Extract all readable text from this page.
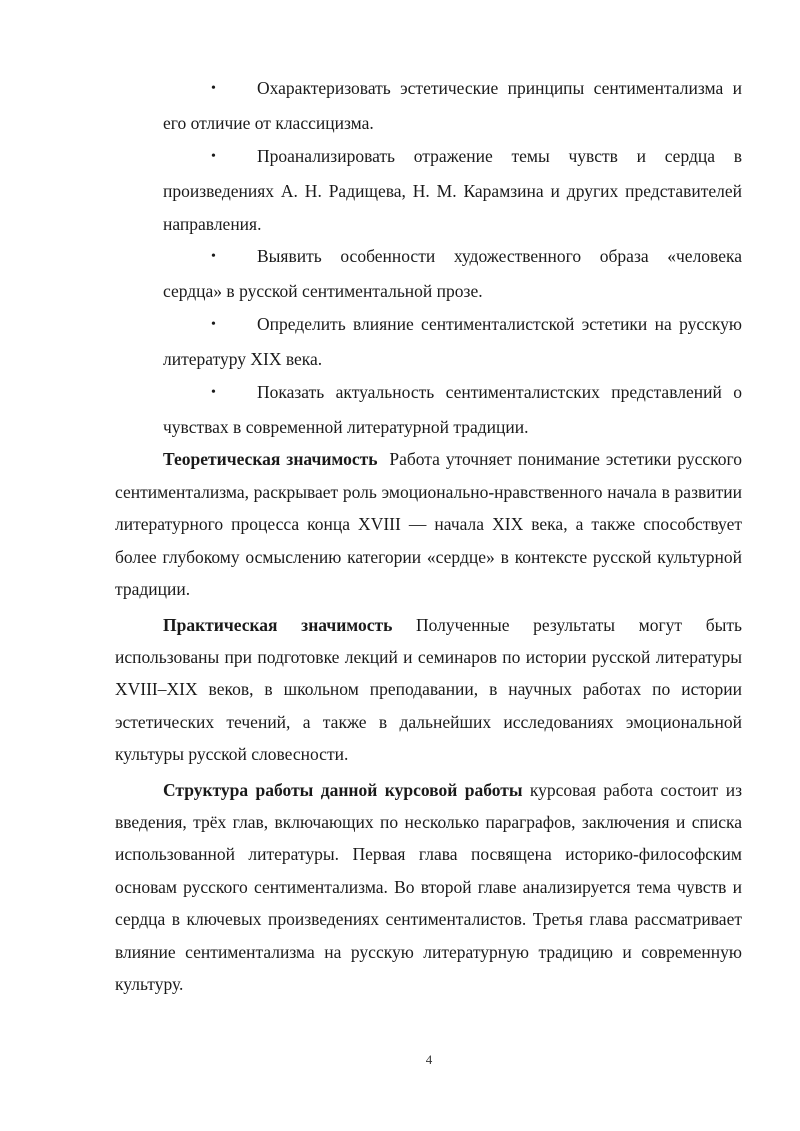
• Охарактеризовать эстетические принципы сентиментализма и его отличие от классицизма.

• Проанализировать отражение темы чувств и сердца в произведениях А. Н. Радищева, Н. М. Карамзина и других представителей направления.

• Выявить особенности художественного образа «человека сердца» в русской сентиментальной прозе.

• Определить влияние сентименталистской эстетики на русскую литературу XIX века.

• Показать актуальность сентименталистских представлений о чувствах в современной литературной традиции.

Теоретическая значимость Работа уточняет понимание эстетики русского сентиментализма, раскрывает роль эмоционально-нравственного начала в развитии литературного процесса конца XVIII — начала XIX века, а также способствует более глубокому осмыслению категории «сердце» в контексте русской культурной традиции.

Практическая значимость Полученные результаты могут быть использованы при подготовке лекций и семинаров по истории русской литературы XVIII–XIX веков, в школьном преподавании, в научных работах по истории эстетических течений, а также в дальнейших исследованиях эмоциональной культуры русской словесности.

Структура работы данной курсовой работы курсовая работа состоит из введения, трёх глав, включающих по несколько параграфов, заключения и списка использованной литературы. Первая глава посвящена историко-философским основам русского сентиментализма. Во второй главе анализируется тема чувств и сердца в ключевых произведениях сентименталистов. Третья глава рассматривает влияние сентиментализма на русскую литературную традицию и современную культуру.

4
